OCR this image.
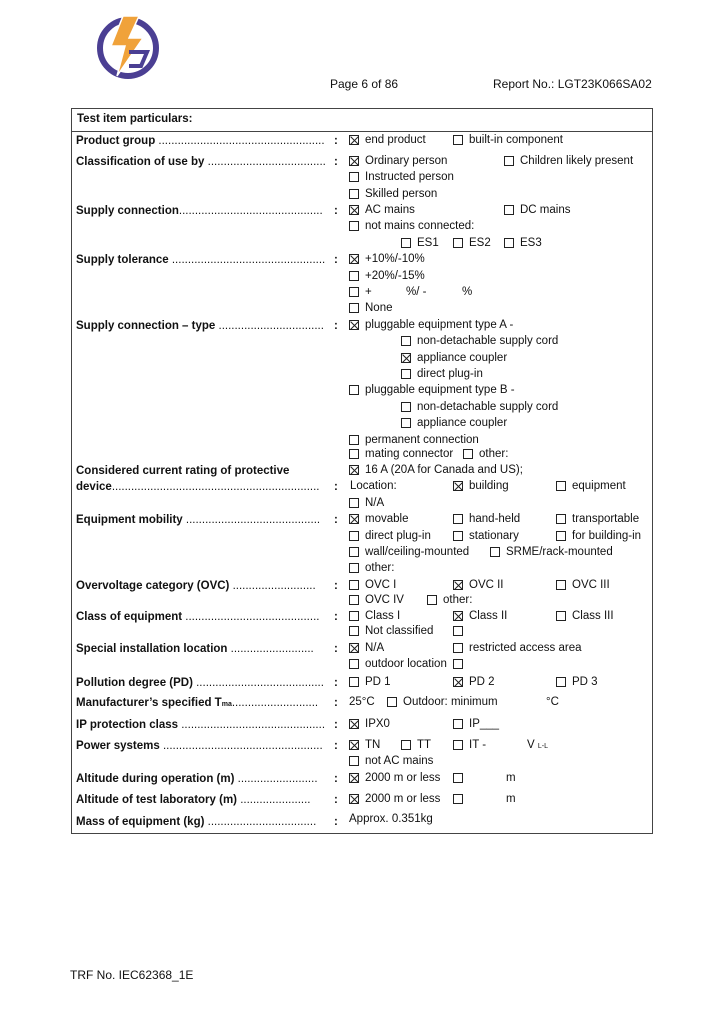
Page 6 of 86	Report No.: LGT23K066SA02
Test item particulars:
Product group .................................................... : end product	built-in component
Classification of use by ..................................... : Ordinary person	Children likely present
Instructed person
Skilled person
Supply connection............................................. : AC mains	DC mains
not mains connected:
ES1	ES2	ES3
Supply tolerance ................................................ : +10%/-10%
+20%/-15%
+	%/ -	%
None
Supply connection – type ................................. : pluggable equipment type A -
non-detachable supply cord
appliance coupler
direct plug-in
pluggable equipment type B -
non-detachable supply cord
appliance coupler
permanent connection
mating connector other:
Considered current rating of protective
device................................................................. :
16 A (20A for Canada and US);
Location:	building	equipment
N/A
Equipment mobility .......................................... : movable	hand-held	transportable
direct plug-in	stationary	for building-in
wall/ceiling-mounted	SRME/rack-mounted
other:
Overvoltage category (OVC) .......................... : OVC I	OVC II	OVC III
OVC IV	other:
Class of equipment .......................................... : Class I	Class II	Class III
Not classified
Special installation location .......................... : N/A	restricted access area
outdoor location
Pollution degree (PD) ........................................ : PD 1	PD 2	PD 3
Manufacturer’s specified Tma........................... : 25°C Outdoor: minimum	°C
IP protection class ............................................. : IPX0	IP___
Power systems .................................................. : TN	TT	IT -	V L-L
not AC mains
Altitude during operation (m) ......................... : 2000 m or less	m
Altitude of test laboratory (m) ...................... : 2000 m or less	m
Mass of equipment (kg) .................................. : Approx. 0.351kg
TRF No. IEC62368_1E
